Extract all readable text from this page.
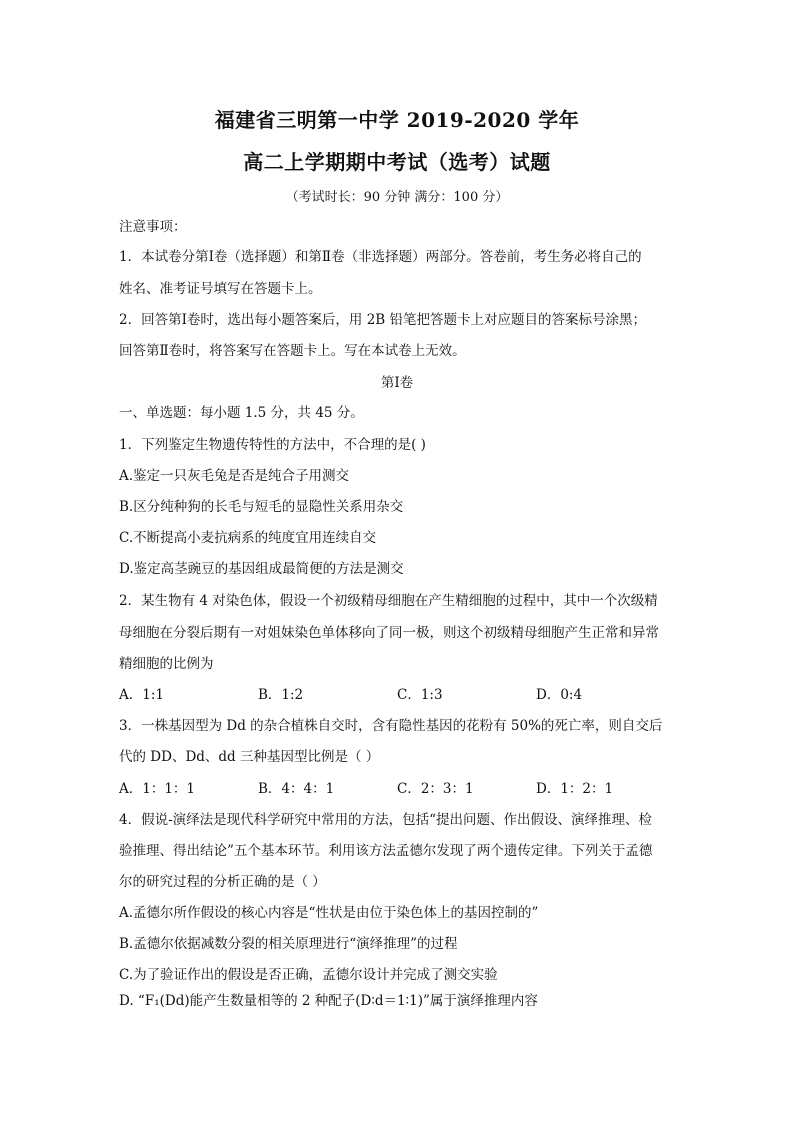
福建省三明第一中学 2019-2020 学年
高二上学期期中考试（选考）试题
（考试时长：90 分钟 满分：100 分）
注意事项：
1．本试卷分第Ⅰ卷（选择题）和第Ⅱ卷（非选择题）两部分。答卷前，考生务必将自己的
姓名、准考证号填写在答题卡上。
2．回答第Ⅰ卷时，选出每小题答案后，用 2B 铅笔把答题卡上对应题目的答案标号涂黑；
回答第Ⅱ卷时，将答案写在答题卡上。写在本试卷上无效。
第Ⅰ卷
一、单选题：每小题 1.5 分，共 45 分。
1．下列鉴定生物遗传特性的方法中，不合理的是( )
A.鉴定一只灰毛兔是否是纯合子用测交
B.区分纯种狗的长毛与短毛的显隐性关系用杂交
C.不断提高小麦抗病系的纯度宜用连续自交
D.鉴定高茎豌豆的基因组成最简便的方法是测交
2．某生物有 4 对染色体，假设一个初级精母细胞在产生精细胞的过程中，其中一个次级精
母细胞在分裂后期有一对姐妹染色单体移向了同一极，则这个初级精母细胞产生正常和异常
精细胞的比例为
A．1:1	B．1:2	C．1:3	D．0:4
3．一株基因型为 Dd 的杂合植株自交时，含有隐性基因的花粉有 50%的死亡率，则自交后
代的 DD、Dd、dd 三种基因型比例是（ ）
A．1：1：1	B．4：4：1	C．2：3：1	D．1：2：1
4．假说-演绎法是现代科学研究中常用的方法，包括“提出问题、作出假设、演绎推理、检
验推理、得出结论”五个基本环节。利用该方法孟德尔发现了两个遗传定律。下列关于孟德
尔的研究过程的分析正确的是（ ）
A.孟德尔所作假设的核心内容是“性状是由位于染色体上的基因控制的”
B.孟德尔依据减数分裂的相关原理进行“演绎推理”的过程
C.为了验证作出的假设是否正确，孟德尔设计并完成了测交实验
D. “F₁(Dd)能产生数量相等的 2 种配子(D∶d＝1∶1)”属于演绎推理内容
